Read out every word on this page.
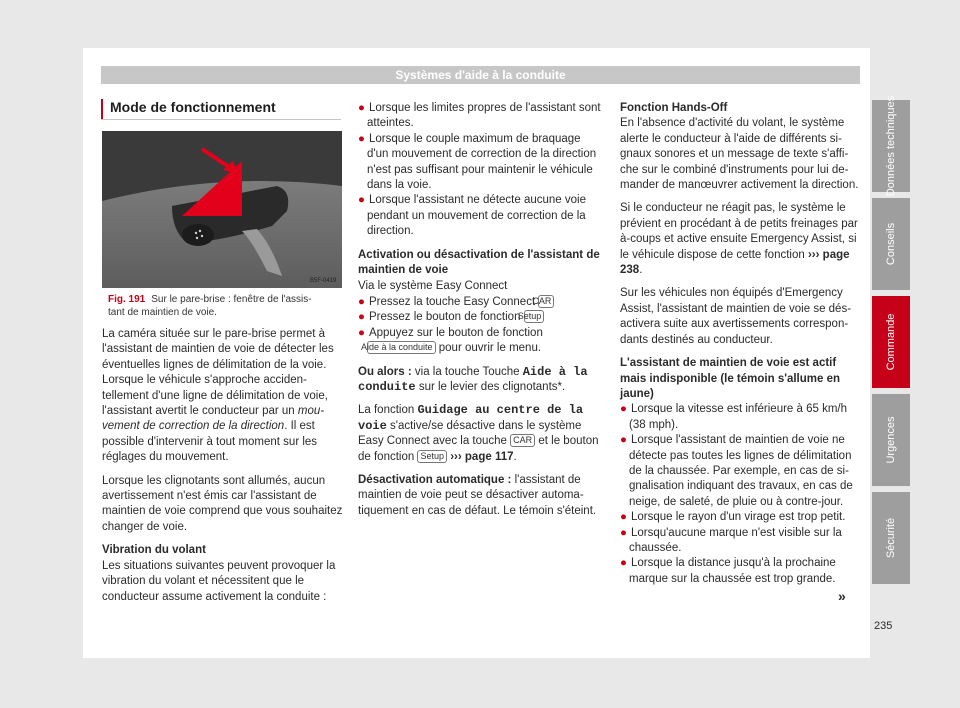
Systèmes d'aide à la conduite
Mode de fonctionnement
B5F-0419
Fig. 191 Sur le pare-brise : fenêtre de l'assis-
tant de maintien de voie.

La caméra située sur le pare-brise permet à l'assistant de maintien de voie de détecter les éventuelles lignes de délimitation de la voie. Lorsque le véhicule s'approche accidentellement d'une ligne de délimitation de voie, l'assistant avertit le conducteur par un mouvement de correction de la direction. Il est possible d'intervenir à tout moment sur les réglages du mouvement.

Lorsque les clignotants sont allumés, aucun avertissement n'est émis car l'assistant de maintien de voie comprend que vous souhaitez changer de voie.

Vibration du volant

Les situations suivantes peuvent provoquer la vibration du volant et nécessitent que le conducteur assume activement la conduite :

● Lorsque les limites propres de l'assistant sont atteintes.

● Lorsque le couple maximum de braquage d'un mouvement de correction de la direction n'est pas suffisant pour maintenir le véhicule dans la voie.

● Lorsque l'assistant ne détecte aucune voie pendant un mouvement de correction de la direction.

Activation ou désactivation de l'assistant de maintien de voie

Via le système Easy Connect

● Pressez la touche Easy Connect CAR

● Pressez le bouton de fonction Setup

● Appuyez sur le bouton de fonction Aide à la conduite pour ouvrir le menu.

Ou alors : via la touche Touche Aide à la conduite sur le levier des clignotants*.

La fonction Guidage au centre de la voie s'active/se désactive dans le système Easy Connect avec la touche CAR et le bouton de fonction Setup ››› page 117.

Désactivation automatique : l'assistant de maintien de voie peut se désactiver automatiquement en cas de défaut. Le témoin s'éteint.

Fonction Hands-Off

En l'absence d'activité du volant, le système alerte le conducteur à l'aide de différents signaux sonores et un message de texte s'affiche sur le combiné d'instruments pour lui demander de manœuvrer activement la direction.

Si le conducteur ne réagit pas, le système le prévient en procédant à de petits freinages par à-coups et active ensuite Emergency Assist, si le véhicule dispose de cette fonction ››› page 238.

Sur les véhicules non équipés d'Emergency Assist, l'assistant de maintien de voie se désactivera suite aux avertissements correspondants destinés au conducteur.

L'assistant de maintien de voie est actif mais indisponible (le témoin s'allume en jaune)

● Lorsque la vitesse est inférieure à 65 km/h (38 mph).

● Lorsque l'assistant de maintien de voie ne détecte pas toutes les lignes de délimitation de la chaussée. Par exemple, en cas de signalisation indiquant des travaux, en cas de neige, de saleté, de pluie ou à contre-jour.

● Lorsque le rayon d'un virage est trop petit.

● Lorsqu'aucune marque n'est visible sur la chaussée.

● Lorsque la distance jusqu'à la prochaine marque sur la chaussée est trop grande.

»
Données techniques
Conseils
Commande
Urgences
Sécurité
235
